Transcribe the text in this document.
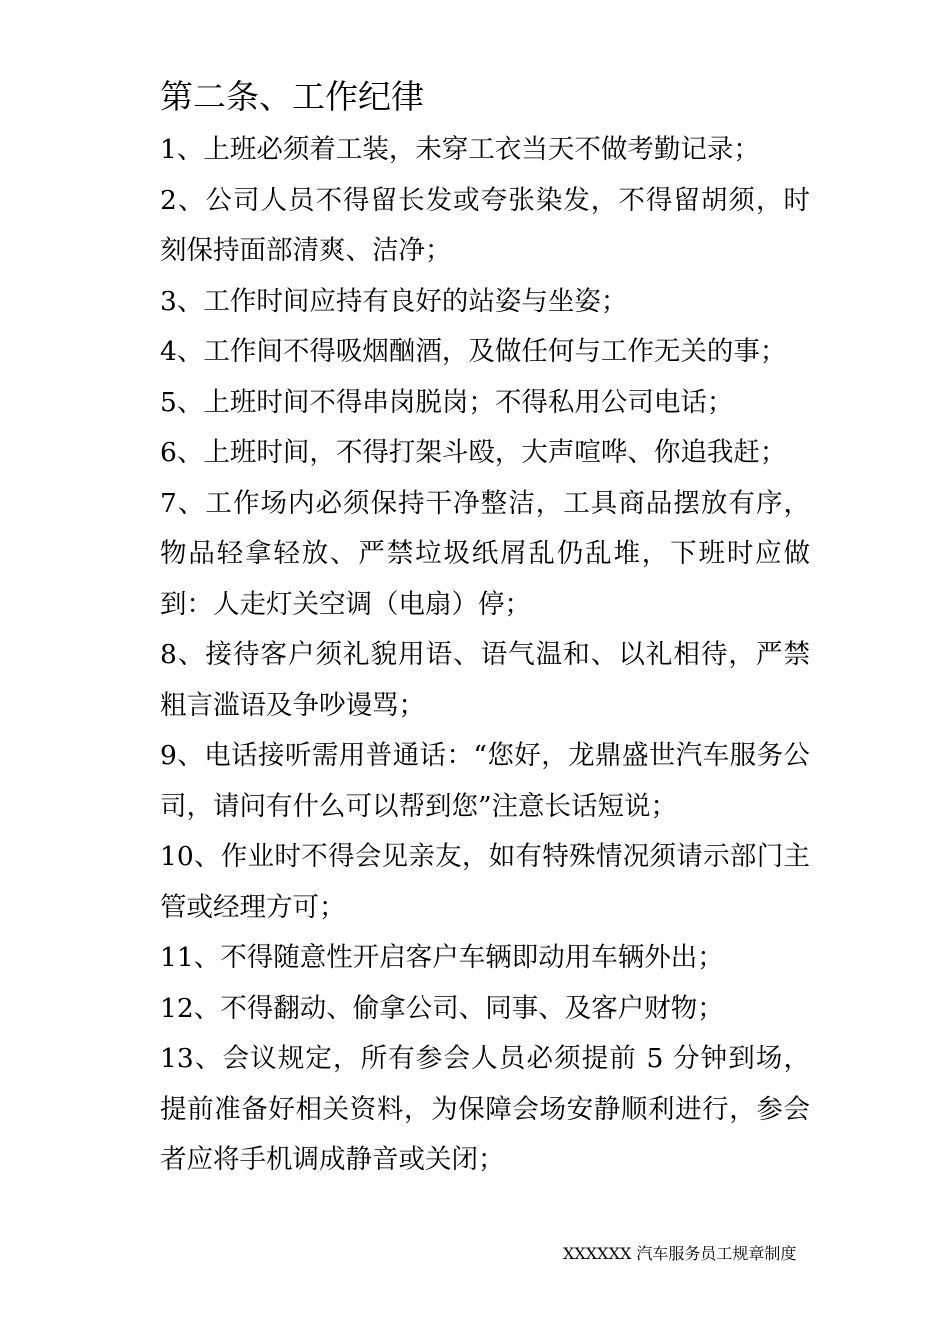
第二条、工作纪律

1、上班必须着工装，未穿工衣当天不做考勤记录；

2、公司人员不得留长发或夸张染发，不得留胡须，时刻保持面部清爽、洁净；

3、工作时间应持有良好的站姿与坐姿；

4、工作间不得吸烟酗酒，及做任何与工作无关的事；

5、上班时间不得串岗脱岗；不得私用公司电话；

6、上班时间，不得打架斗殴，大声喧哗、你追我赶；

7、工作场内必须保持干净整洁，工具商品摆放有序，物品轻拿轻放、严禁垃圾纸屑乱仍乱堆，下班时应做到：人走灯关空调（电扇）停；

8、接待客户须礼貌用语、语气温和、以礼相待，严禁粗言滥语及争吵谩骂；

9、电话接听需用普通话：“您好，龙鼎盛世汽车服务公司，请问有什么可以帮到您”注意长话短说；

10、作业时不得会见亲友，如有特殊情况须请示部门主管或经理方可；

11、不得随意性开启客户车辆即动用车辆外出；

12、不得翻动、偷拿公司、同事、及客户财物；

13、会议规定，所有参会人员必须提前 5 分钟到场，提前准备好相关资料，为保障会场安静顺利进行，参会者应将手机调成静音或关闭；

XXXXXX 汽车服务员工规章制度
